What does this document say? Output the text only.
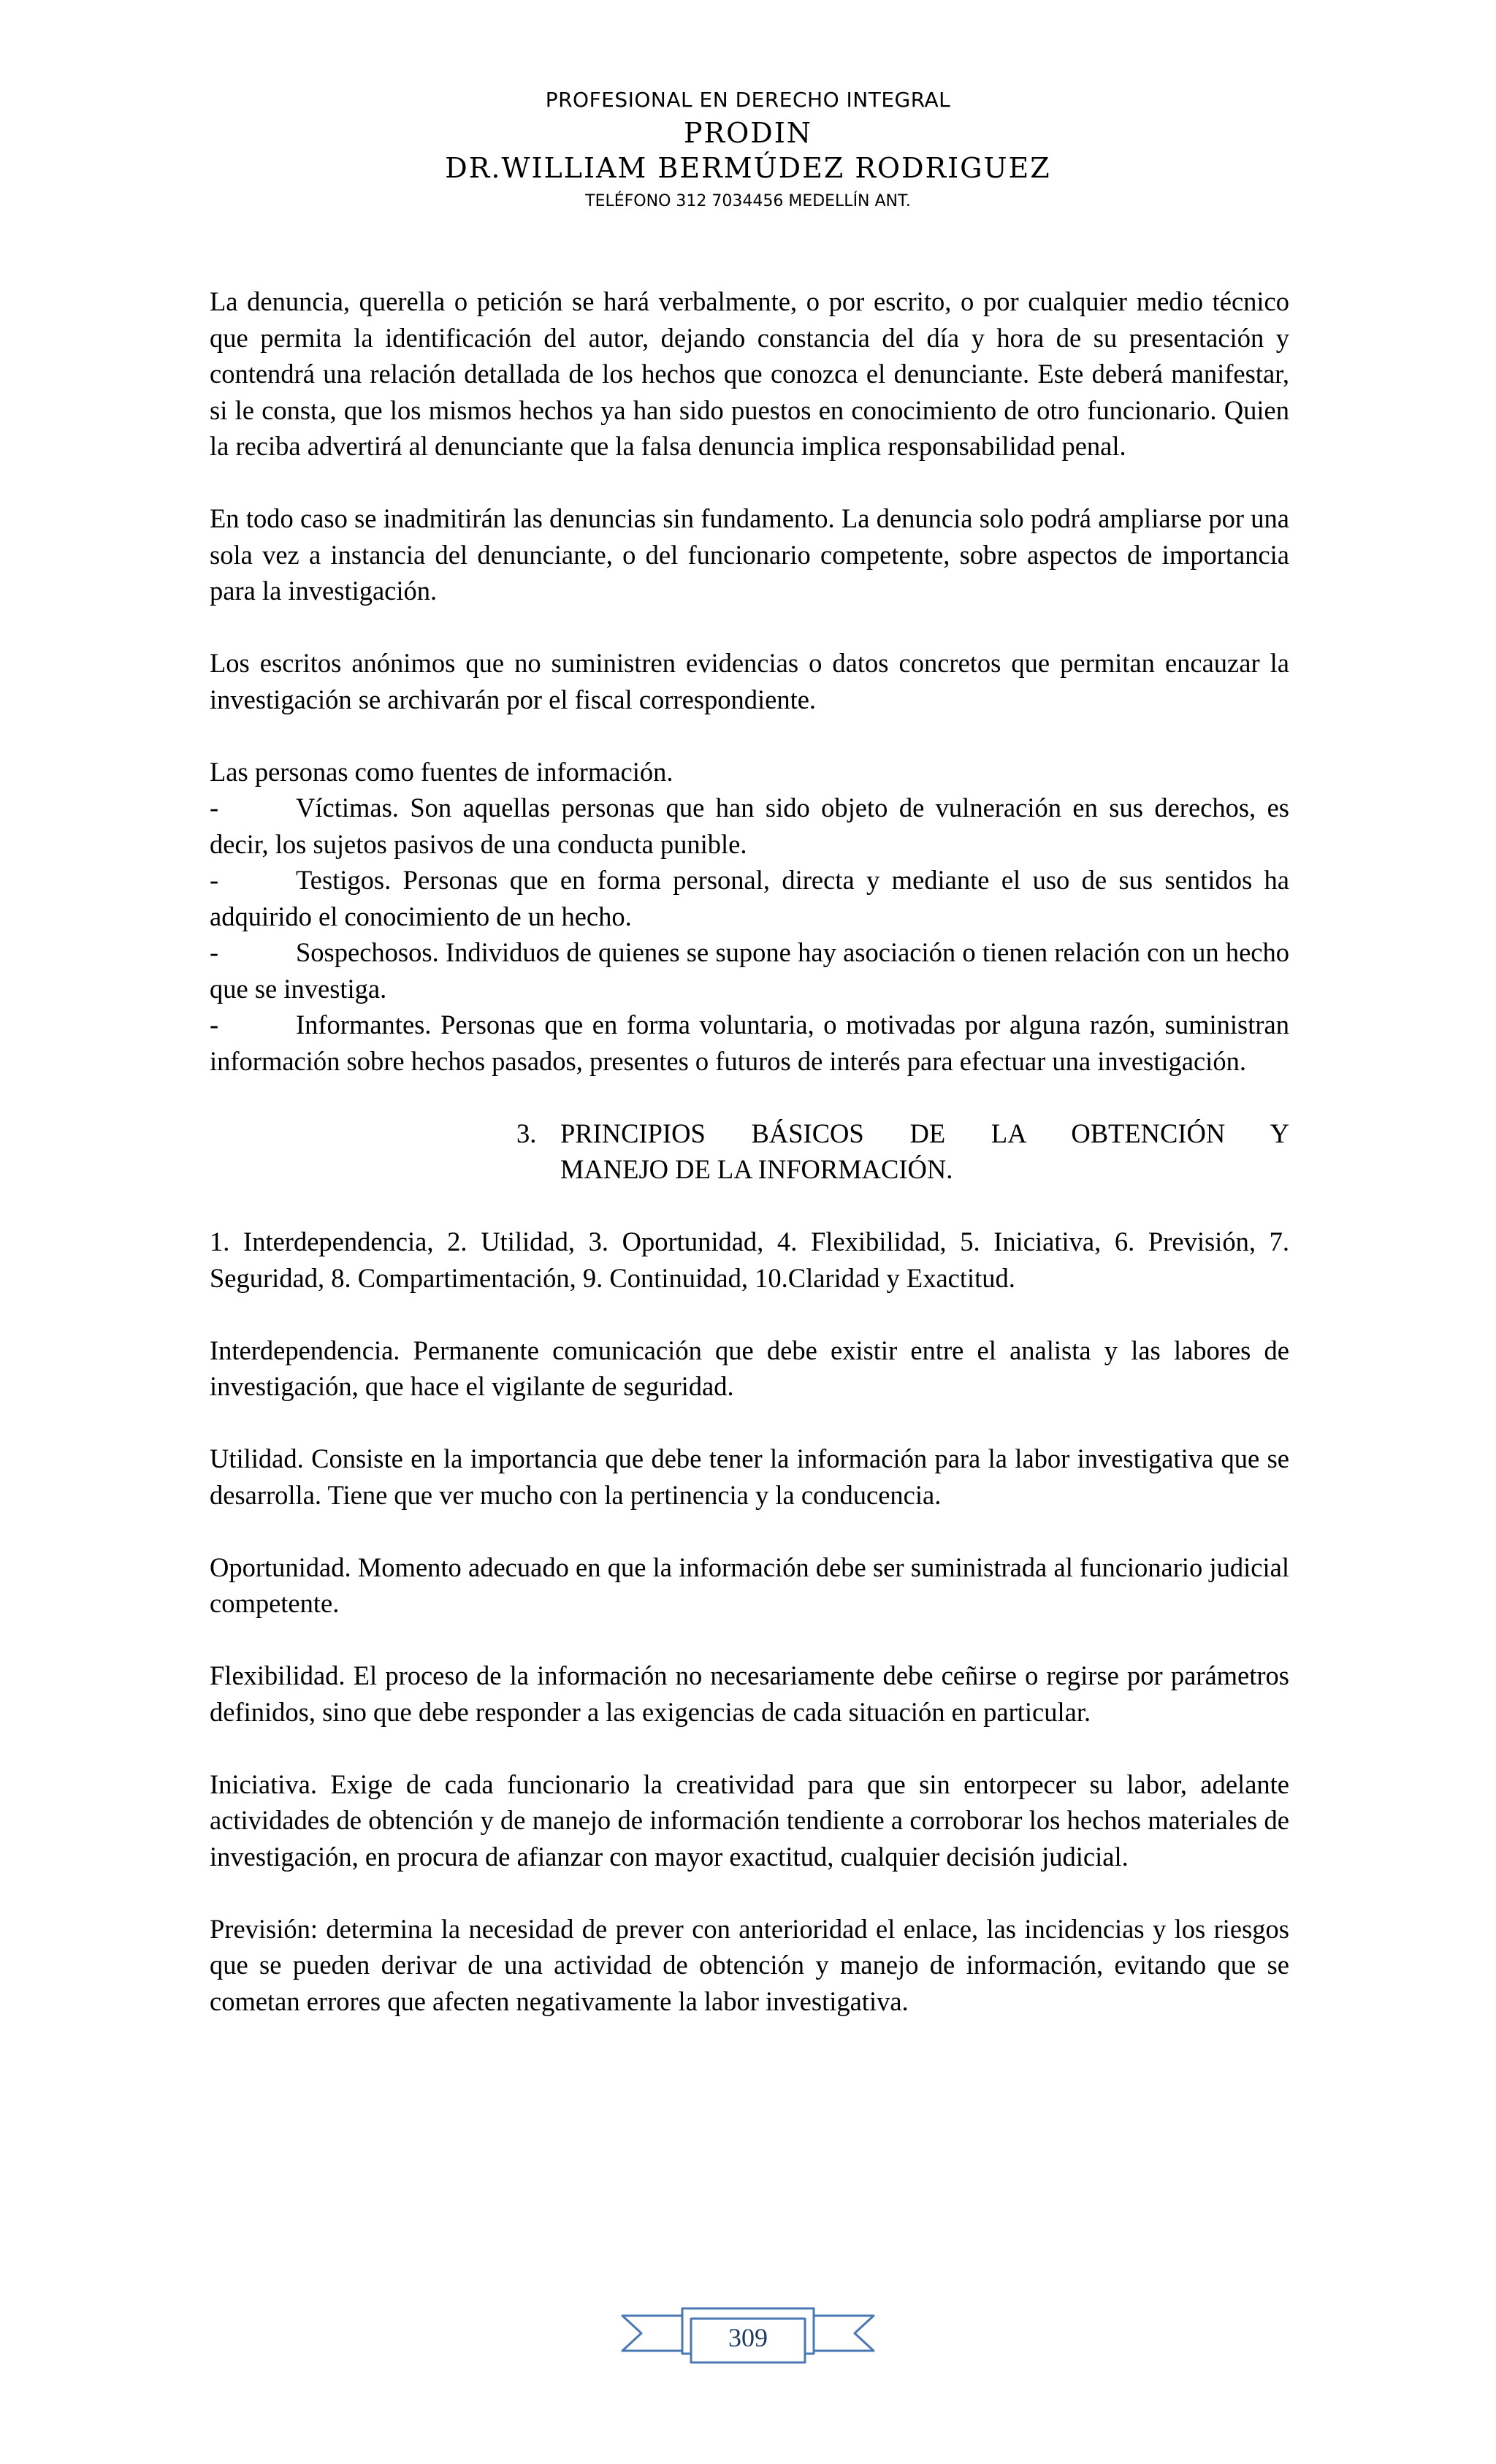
PROFESIONAL EN DERECHO INTEGRAL
PRODIN
DR.WILLIAM BERMÚDEZ RODRIGUEZ
TELÉFONO 312 7034456 MEDELLÍN ANT.

La denuncia, querella o petición se hará verbalmente, o por escrito, o por cualquier medio técnico que permita la identificación del autor, dejando constancia del día y hora de su presentación y contendrá una relación detallada de los hechos que conozca el denunciante. Este deberá manifestar, si le consta, que los mismos hechos ya han sido puestos en conocimiento de otro funcionario. Quien la reciba advertirá al denunciante que la falsa denuncia implica responsabilidad penal.

En todo caso se inadmitirán las denuncias sin fundamento. La denuncia solo podrá ampliarse por una sola vez a instancia del denunciante, o del funcionario competente, sobre aspectos de importancia para la investigación.

Los escritos anónimos que no suministren evidencias o datos concretos que permitan encauzar la investigación se archivarán por el fiscal correspondiente.

Las personas como fuentes de información.

-	Víctimas. Son aquellas personas que han sido objeto de vulneración en sus derechos, es decir, los sujetos pasivos de una conducta punible.
-	Testigos. Personas que en forma personal, directa y mediante el uso de sus sentidos ha adquirido el conocimiento de un hecho.
-	Sospechosos. Individuos de quienes se supone hay asociación o tienen relación con un hecho que se investiga.
-	Informantes. Personas que en forma voluntaria, o motivadas por alguna razón, suministran información sobre hechos pasados, presentes o futuros de interés para efectuar una investigación.
3. PRINCIPIOS BÁSICOS DE LA OBTENCIÓN Y
MANEJO DE LA INFORMACIÓN.

1. Interdependencia, 2. Utilidad, 3. Oportunidad, 4. Flexibilidad, 5. Iniciativa, 6. Previsión, 7. Seguridad, 8. Compartimentación, 9. Continuidad, 10.Claridad y Exactitud.

Interdependencia. Permanente comunicación que debe existir entre el analista y las labores de investigación, que hace el vigilante de seguridad.

Utilidad. Consiste en la importancia que debe tener la información para la labor investigativa que se desarrolla. Tiene que ver mucho con la pertinencia y la conducencia.

Oportunidad. Momento adecuado en que la información debe ser suministrada al funcionario judicial competente.

Flexibilidad. El proceso de la información no necesariamente debe ceñirse o regirse por parámetros definidos, sino que debe responder a las exigencias de cada situación en particular.

Iniciativa. Exige de cada funcionario la creatividad para que sin entorpecer su labor, adelante actividades de obtención y de manejo de información tendiente a corroborar los hechos materiales de investigación, en procura de afianzar con mayor exactitud, cualquier decisión judicial.

Previsión: determina la necesidad de prever con anterioridad el enlace, las incidencias y los riesgos que se pueden derivar de una actividad de obtención y manejo de información, evitando que se cometan errores que afecten negativamente la labor investigativa.

309
